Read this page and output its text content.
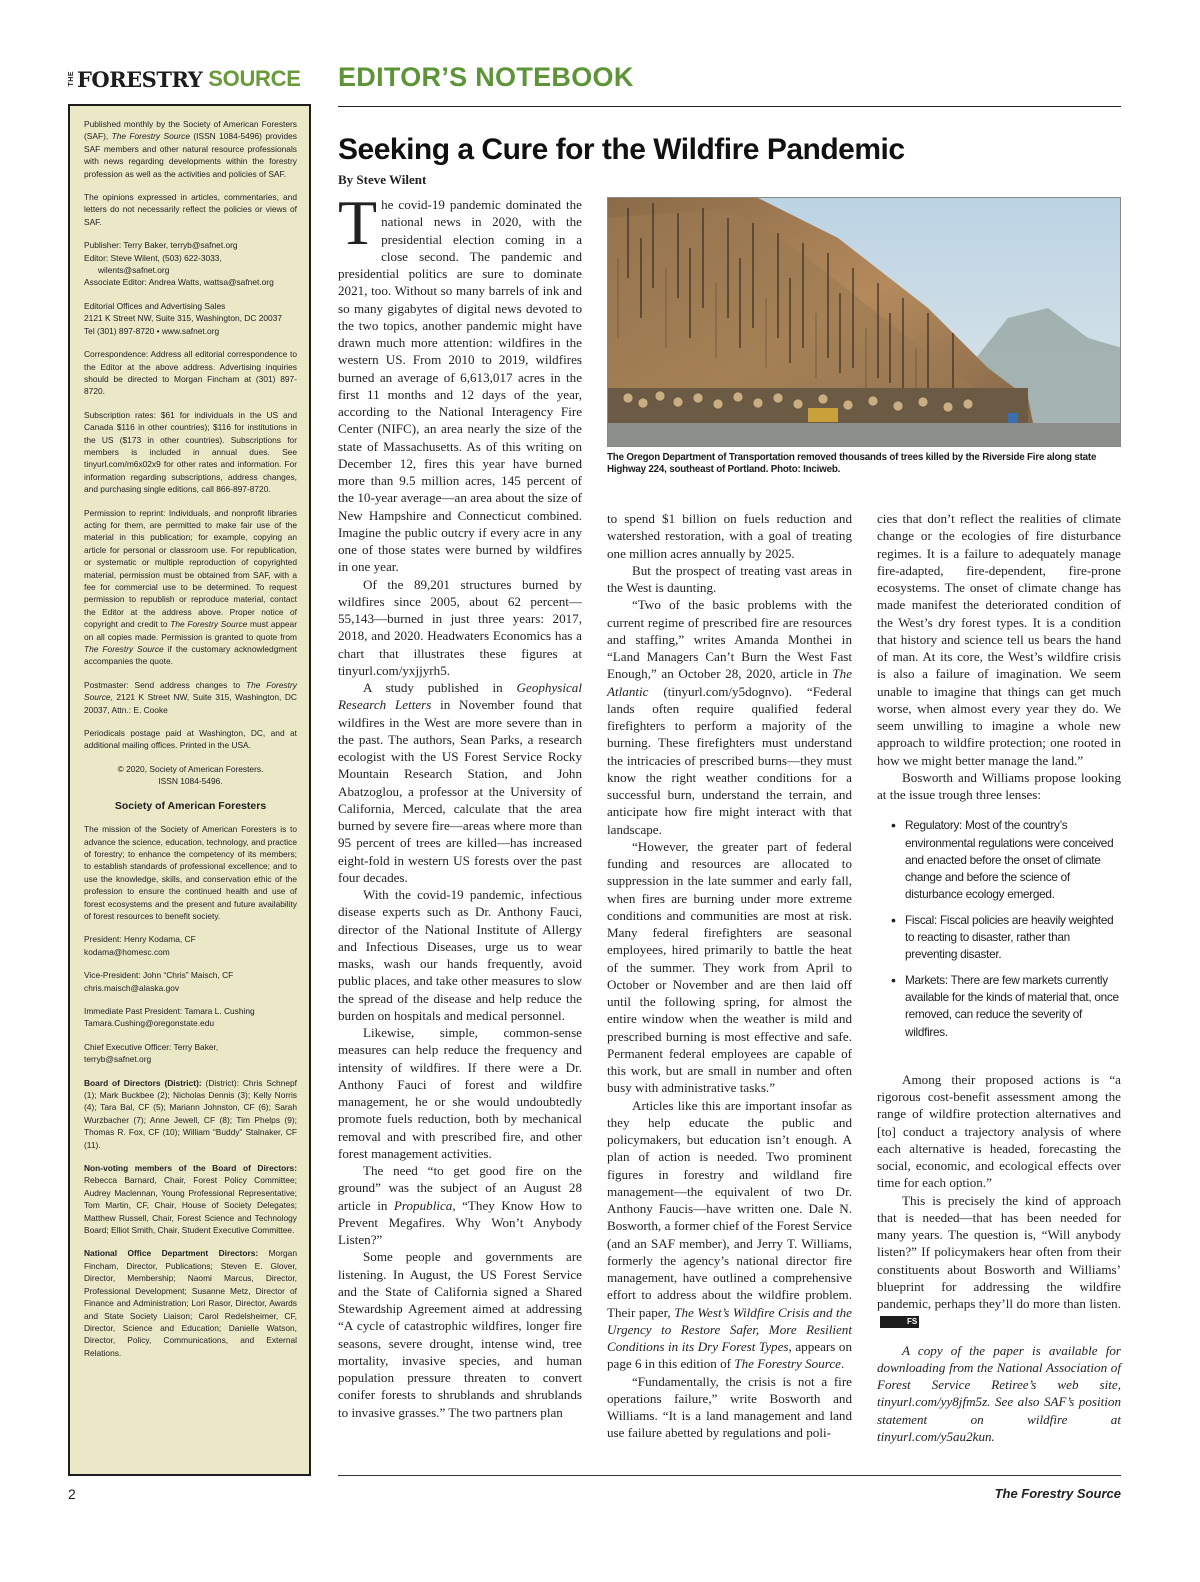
THE FORESTRY SOURCE EDITOR’S NOTEBOOK

Published monthly by the Society of American Foresters (SAF), The Forestry Source (ISSN 1084-5496) provides SAF members and other natural resource professionals with news regarding developments within the forestry profession as well as the activities and policies of SAF.

The opinions expressed in articles, commentaries, and letters do not necessarily reflect the policies or views of SAF.

Publisher: Terry Baker, terryb@safnet.org
Editor: Steve Wilent, (503) 622-3033,
wilents@safnet.org
Associate Editor: Andrea Watts, wattsa@safnet.org

Editorial Offices and Advertising Sales
2121 K Street NW, Suite 315, Washington, DC 20037
Tel (301) 897-8720 • www.safnet.org

Correspondence: Address all editorial correspondence to the Editor at the above address. Advertising inquiries should be directed to Morgan Fincham at (301) 897-8720.

Subscription rates: $61 for individuals in the US and Canada $116 in other countries); $116 for institutions in the US ($173 in other countries). Subscriptions for members is included in annual dues. See tinyurl.com/m6x02x9 for other rates and information. For information regarding subscriptions, address changes, and purchasing single editions, call 866-897-8720.

Permission to reprint: Individuals, and nonprofit libraries acting for them, are permitted to make fair use of the material in this publication; for example, copying an article for personal or classroom use. For republication, or systematic or multiple reproduction of copyrighted material, permission must be obtained from SAF, with a fee for commercial use to be determined. To request permission to republish or reproduce material, contact the Editor at the address above. Proper notice of copyright and credit to The Forestry Source must appear on all copies made. Permission is granted to quote from The Forestry Source if the customary acknowledgment accompanies the quote.

Postmaster: Send address changes to The Forestry Source, 2121 K Street NW, Suite 315, Washington, DC 20037, Attn.: E. Cooke

Periodicals postage paid at Washington, DC, and at additional mailing offices. Printed in the USA.

© 2020, Society of American Foresters.
ISSN 1084-5496.

Society of American Foresters

The mission of the Society of American Foresters is to advance the science, education, technology, and practice of forestry; to enhance the competency of its members; to establish standards of professional excellence; and to use the knowledge, skills, and conservation ethic of the profession to ensure the continued health and use of forest ecosystems and the present and future availability of forest resources to benefit society.

President: Henry Kodama, CF
kodama@homesc.com

Vice-President: John “Chris” Maisch, CF
chris.maisch@alaska.gov

Immediate Past President: Tamara L. Cushing
Tamara.Cushing@oregonstate.edu

Chief Executive Officer: Terry Baker,
terryb@safnet.org

Board of Directors (District): (District): Chris Schnepf (1); Mark Buckbee (2); Nicholas Dennis (3); Kelly Norris (4); Tara Bal, CF (5); Mariann Johnston, CF (6); Sarah Wurzbacher (7); Anne Jewell, CF (8); Tim Phelps (9); Thomas R. Fox, CF (10); William “Buddy” Stalnaker, CF (11).

Non-voting members of the Board of Directors: Rebecca Barnard, Chair, Forest Policy Committee; Audrey Maclennan, Young Professional Representative; Tom Martin, CF, Chair, House of Society Delegates; Matthew Russell, Chair, Forest Science and Technology Board; Elliot Smith, Chair, Student Executive Committee.

National Office Department Directors: Morgan Fincham, Director, Publications; Steven E. Glover, Director, Membership; Naomi Marcus, Director, Professional Development; Susanne Metz, Director of Finance and Administration; Lori Rasor, Director, Awards and State Society Liaison; Carol Redelsheimer, CF, Director, Science and Education; Danielle Watson, Director, Policy, Communications, and External Relations.

Seeking a Cure for the Wildfire Pandemic
By Steve Wilent

The covid-19 pandemic dominated the national news in 2020, with the presidential election coming in a close second. The pandemic and presidential politics are sure to dominate 2021, too. Without so many barrels of ink and so many gigabytes of digital news devoted to the two topics, another pandemic might have drawn much more attention: wildfires in the western US. From 2010 to 2019, wildfires burned an average of 6,613,017 acres in the first 11 months and 12 days of the year, according to the National Interagency Fire Center (NIFC), an area nearly the size of the state of Massachusetts. As of this writing on December 12, fires this year have burned more than 9.5 million acres, 145 percent of the 10-year average—an area about the size of New Hampshire and Connecticut combined. Imagine the public outcry if every acre in any one of those states were burned by wildfires in one year.

Of the 89,201 structures burned by wildfires since 2005, about 62 percent—55,143—burned in just three years: 2017, 2018, and 2020. Headwaters Economics has a chart that illustrates these figures at tinyurl.com/yxjjyrh5.

A study published in Geophysical Research Letters in November found that wildfires in the West are more severe than in the past. The authors, Sean Parks, a research ecologist with the US Forest Service Rocky Mountain Research Station, and John Abatzoglou, a professor at the University of California, Merced, calculate that the area burned by severe fire—areas where more than 95 percent of trees are killed—has increased eight-fold in western US forests over the past four decades.

With the covid-19 pandemic, infectious disease experts such as Dr. Anthony Fauci, director of the National Institute of Allergy and Infectious Diseases, urge us to wear masks, wash our hands frequently, avoid public places, and take other measures to slow the spread of the disease and help reduce the burden on hospitals and medical personnel.

Likewise, simple, common-sense measures can help reduce the frequency and intensity of wildfires. If there were a Dr. Anthony Fauci of forest and wildfire management, he or she would undoubtedly promote fuels reduction, both by mechanical removal and with prescribed fire, and other forest management activities.

The need “to get good fire on the ground” was the subject of an August 28 article in Propublica, “They Know How to Prevent Megafires. Why Won’t Anybody Listen?”

Some people and governments are listening. In August, the US Forest Service and the State of California signed a Shared Stewardship Agreement aimed at addressing “A cycle of catastrophic wildfires, longer fire seasons, severe drought, intense wind, tree mortality, invasive species, and human population pressure threaten to convert conifer forests to shrublands and shrublands to invasive grasses.” The two partners plan

The Oregon Department of Transportation removed thousands of trees killed by the Riverside Fire along state Highway 224, southeast of Portland. Photo: Inciweb.

to spend $1 billion on fuels reduction and watershed restoration, with a goal of treating one million acres annually by 2025.

But the prospect of treating vast areas in the West is daunting.

“Two of the basic problems with the current regime of prescribed fire are resources and staffing,” writes Amanda Monthei in “Land Managers Can’t Burn the West Fast Enough,” an October 28, 2020, article in The Atlantic (tinyurl.com/y5dognvo). “Federal lands often require qualified federal firefighters to perform a majority of the burning. These firefighters must understand the intricacies of prescribed burns—they must know the right weather conditions for a successful burn, understand the terrain, and anticipate how fire might interact with that landscape.

“However, the greater part of federal funding and resources are allocated to suppression in the late summer and early fall, when fires are burning under more extreme conditions and communities are most at risk. Many federal firefighters are seasonal employees, hired primarily to battle the heat of the summer. They work from April to October or November and are then laid off until the following spring, for almost the entire window when the weather is mild and prescribed burning is most effective and safe. Permanent federal employees are capable of this work, but are small in number and often busy with administrative tasks.”

Articles like this are important insofar as they help educate the public and policymakers, but education isn’t enough. A plan of action is needed. Two prominent figures in forestry and wildland fire management—the equivalent of two Dr. Anthony Faucis—have written one. Dale N. Bosworth, a former chief of the Forest Service (and an SAF member), and Jerry T. Williams, formerly the agency’s national director fire management, have outlined a comprehensive effort to address about the wildfire problem. Their paper, The West’s Wildfire Crisis and the Urgency to Restore Safer, More Resilient Conditions in its Dry Forest Types, appears on page 6 in this edition of The Forestry Source.

“Fundamentally, the crisis is not a fire operations failure,” write Bosworth and Williams. “It is a land management and land use failure abetted by regulations and poli-

cies that don’t reflect the realities of climate change or the ecologies of fire disturbance regimes. It is a failure to adequately manage fire-adapted, fire-dependent, fire-prone ecosystems. The onset of climate change has made manifest the deteriorated condition of the West’s dry forest types. It is a condition that history and science tell us bears the hand of man. At its core, the West’s wildfire crisis is also a failure of imagination. We seem unable to imagine that things can get much worse, when almost every year they do. We seem unwilling to imagine a whole new approach to wildfire protection; one rooted in how we might better manage the land.”

Bosworth and Williams propose looking at the issue trough three lenses:

• Regulatory: Most of the country’s environmental regulations were conceived and enacted before the onset of climate change and before the science of disturbance ecology emerged.
• Fiscal: Fiscal policies are heavily weighted to reacting to disaster, rather than preventing disaster.
• Markets: There are few markets currently available for the kinds of material that, once removed, can reduce the severity of wildfires.

Among their proposed actions is “a rigorous cost-benefit assessment among the range of wildfire protection alternatives and [to] conduct a trajectory analysis of where each alternative is headed, forecasting the social, economic, and ecological effects over time for each option.”

This is precisely the kind of approach that is needed—that has been needed for many years. The question is, “Will anybody listen?” If policymakers hear often from their constituents about Bosworth and Williams’ blueprint for addressing the wildfire pandemic, perhaps they’ll do more than listen.FS

A copy of the paper is available for downloading from the National Association of Forest Service Retiree’s web site, tinyurl.com/yy8jfm5z. See also SAF’s position statement on wildfire at tinyurl.com/y5au2kun.

2	The Forestry Source
